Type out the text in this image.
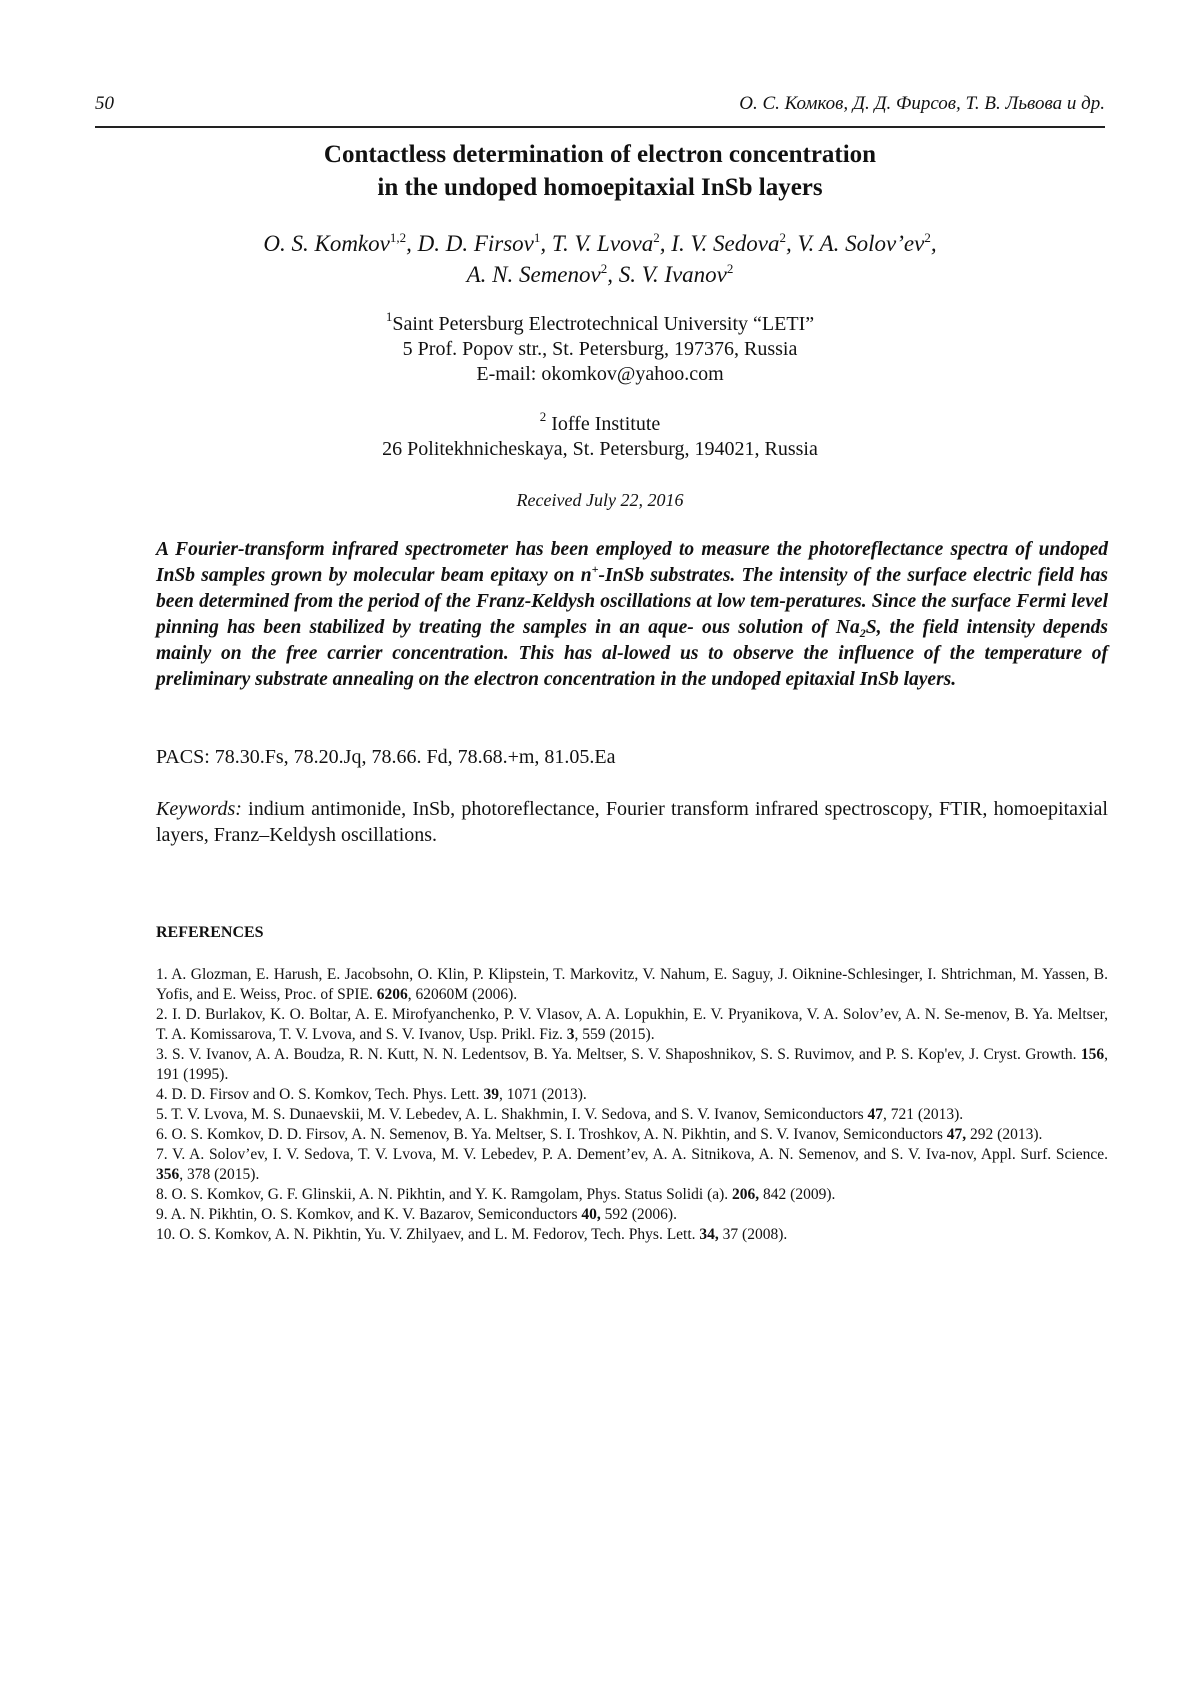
50	О. С. Комков, Д. Д. Фирсов, Т. В. Львова и др.
Contactless determination of electron concentration
in the undoped homoepitaxial InSb layers
O. S. Komkov$^{1,2}$, D. D. Firsov$^1$, T. V. Lvova$^2$, I. V. Sedova$^2$, V. A. $Solov’ev^2$,
A. N. Semenov$^2$, S. V. Ivanov$^2$
$^1$Saint Petersburg Electrotechnical University “LETI”
5 Prof. Popov str., St. Petersburg, 197376, Russia
E-mail: okomkov@yahoo.com
$^2$ Ioffe Institute
26 Politekhnicheskaya, St. Petersburg, 194021, Russia
Received July 22, 2016
A Fourier-transform infrared spectrometer has been employed to measure the photoreflectance spectra of undoped InSb samples grown by molecular beam epitaxy on n+-InSb substrates. The intensity of the surface electric field has been determined from the period of the Franz-Keldysh oscillations at low tem-peratures. Since the surface Fermi level pinning has been stabilized by treating the samples in an aque- ous solution of $Na_2S$, the field intensity depends mainly on the free carrier concentration. This has al-lowed us to observe the influence of the temperature of preliminary substrate annealing on the electron concentration in the undoped epitaxial InSb layers.
PACS: 78.30.Fs, 78.20.Jq, 78.66. Fd, 78.68.+m, 81.05.Ea
Keywords: indium antimonide, InSb, photoreflectance, Fourier transform infrared spectroscopy, FTIR, homoepitaxial layers, Franz–Keldysh oscillations.
REFERENCES

1. A. Glozman, E. Harush, E. Jacobsohn, O. Klin, P. Klipstein, T. Markovitz, V. Nahum, E. Saguy, J. Oiknine-Schlesinger, I. Shtrichman, M. Yassen, B. Yofis, and E. Weiss, Proc. of SPIE. 6206, 62060M (2006).

2. I. D. Burlakov, K. O. Boltar, A. E. Mirofyanchenko, P. V. Vlasov, A. A. Lopukhin, E. V. Pryanikova, V. A. Solov’ev, A. N. Se-menov, B. Ya. Meltser, T. A. Komissarova, T. V. Lvova, and S. V. Ivanov, Usp. Prikl. Fiz. 3, 559 (2015).

3. S. V. Ivanov, A. A. Boudza, R. N. Kutt, N. N. Ledentsov, B. Ya. Meltser, S. V. Shaposhnikov, S. S. Ruvimov, and P. S. Kop'ev, J. Cryst. Growth. 156, 191 (1995).

4. D. D. Firsov and O. S. Komkov, Tech. Phys. Lett. 39, 1071 (2013).

5. T. V. Lvova, M. S. Dunaevskii, M. V. Lebedev, A. L. Shakhmin, I. V. Sedova, and S. V. Ivanov, Semiconductors 47, 721 (2013).

6. O. S. Komkov, D. D. Firsov, A. N. Semenov, B. Ya. Meltser, S. I. Troshkov, A. N. Pikhtin, and S. V. Ivanov, Semiconductors 47, 292 (2013).

7. V. A. Solov’ev, I. V. Sedova, T. V. Lvova, M. V. Lebedev, P. A. Dement’ev, A. A. Sitnikova, A. N. Semenov, and S. V. Iva-nov, Appl. Surf. Science. 356, 378 (2015).

8. O. S. Komkov, G. F. Glinskii, A. N. Pikhtin, and Y. K. Ramgolam, Phys. Status Solidi (a). 206, 842 (2009).

9. A. N. Pikhtin, O. S. Komkov, and K. V. Bazarov, Semiconductors 40, 592 (2006).

10. O. S. Komkov, A. N. Pikhtin, Yu. V. Zhilyaev, and L. M. Fedorov, Tech. Phys. Lett. 34, 37 (2008).
